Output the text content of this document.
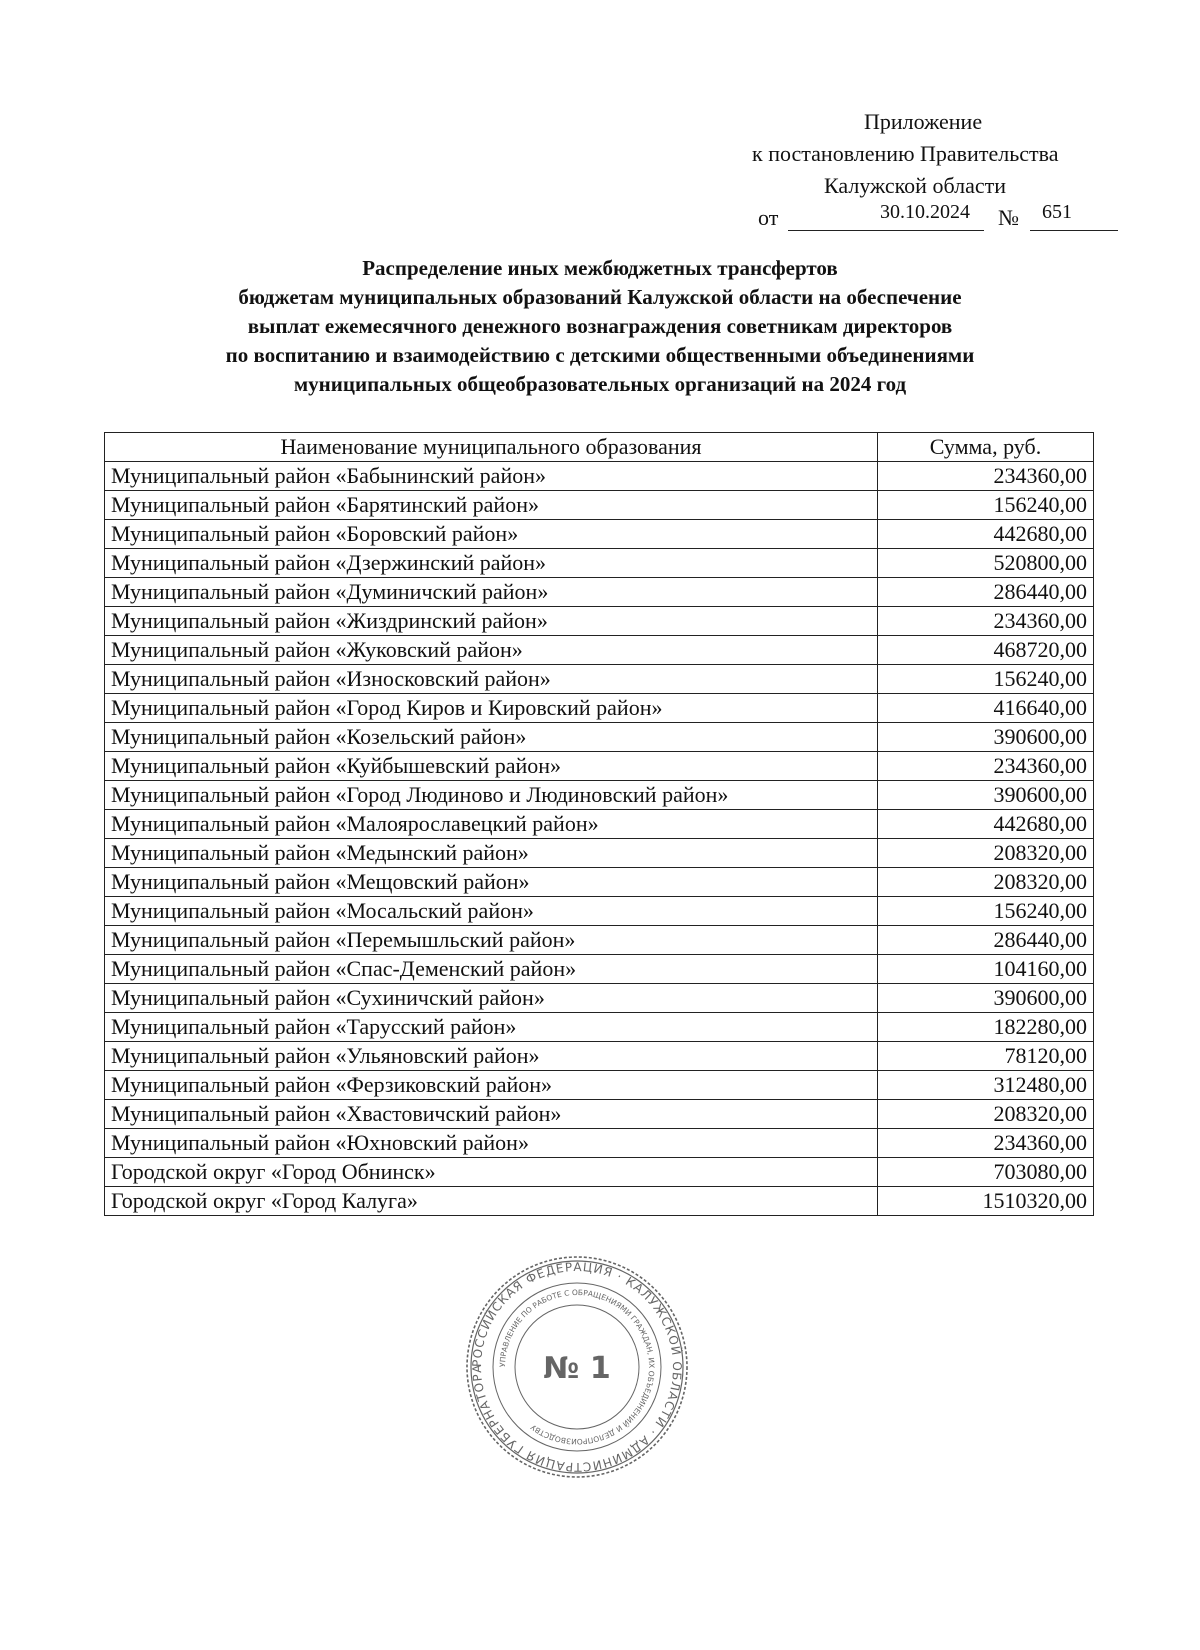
Приложение
к постановлению Правительства
Калужской области
от	30.10.2024 № 651
Распределение иных межбюджетных трансфертов
бюджетам муниципальных образований Калужской области на обеспечение
выплат ежемесячного денежного вознаграждения советникам директоров
по воспитанию и взаимодействию с детскими общественными объединениями
муниципальных общеобразовательных организаций на 2024 год
Наименование муниципального образования	Сумма, руб.
Муниципальный район «Бабынинский район»	234360,00
Муниципальный район «Барятинский район»	156240,00
Муниципальный район «Боровский район»	442680,00
Муниципальный район «Дзержинский район»	520800,00
Муниципальный район «Думиничский район»	286440,00
Муниципальный район «Жиздринский район»	234360,00
Муниципальный район «Жуковский район»	468720,00
Муниципальный район «Износковский район»	156240,00
Муниципальный район «Город Киров и Кировский район»	416640,00
Муниципальный район «Козельский район»	390600,00
Муниципальный район «Куйбышевский район»	234360,00
Муниципальный район «Город Людиново и Людиновский район»	390600,00
Муниципальный район «Малоярославецкий район»	442680,00
Муниципальный район «Медынский район»	208320,00
Муниципальный район «Мещовский район»	208320,00
Муниципальный район «Мосальский район»	156240,00
Муниципальный район «Перемышльский район»	286440,00
Муниципальный район «Спас-Деменский район»	104160,00
Муниципальный район «Сухиничский район»	390600,00
Муниципальный район «Тарусский район»	182280,00
Муниципальный район «Ульяновский район»	78120,00
Муниципальный район «Ферзиковский район»	312480,00
Муниципальный район «Хвастовичский район»	208320,00
Муниципальный район «Юхновский район»	234360,00
Городской округ «Город Обнинск»	703080,00
Городской округ «Город Калуга»	1510320,00
РОССИЙСКАЯ ФЕДЕРАЦИЯ · КАЛУЖСКОЙ ОБЛАСТИ · АДМИНИСТРАЦИЯ ГУБЕРНАТОРА	УПРАВЛЕНИЕ ПО РАБОТЕ С ОБРАЩЕНИЯМИ ГРАЖДАН, ИХ ОБЪЕДИНЕНИЙ И ДЕЛОПРОИЗВОДСТВУ
№ 1
